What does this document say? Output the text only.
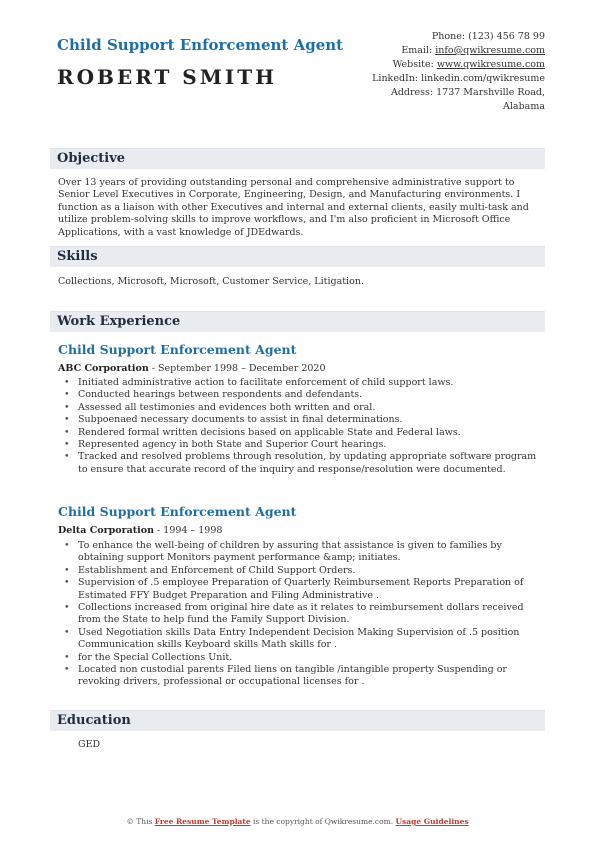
Child Support Enforcement Agent
ROBERT SMITH
Phone: (123) 456 78 99
Email: info@qwikresume.com
Website: www.qwikresume.com
LinkedIn: linkedin.com/qwikresume
Address: 1737 Marshville Road,
Alabama
Objective
Over 13 years of providing outstanding personal and comprehensive administrative support to Senior Level Executives in Corporate, Engineering, Design, and Manufacturing environments. I function as a liaison with other Executives and internal and external clients, easily multi-task and utilize problem-solving skills to improve workflows, and I'm also proficient in Microsoft Office Applications, with a vast knowledge of JDEdwards.
Skills
Collections, Microsoft, Microsoft, Customer Service, Litigation.
Work Experience
Child Support Enforcement Agent
ABC Corporation - September 1998 – December 2020
• Initiated administrative action to facilitate enforcement of child support laws.
• Conducted hearings between respondents and defendants.
• Assessed all testimonies and evidences both written and oral.
• Subpoenaed necessary documents to assist in final determinations.
• Rendered formal written decisions based on applicable State and Federal laws.
• Represented agency in both State and Superior Court hearings.
• Tracked and resolved problems through resolution, by updating appropriate software program to ensure that accurate record of the inquiry and response/resolution were documented.
Child Support Enforcement Agent
Delta Corporation - 1994 – 1998
• To enhance the well-being of children by assuring that assistance is given to families by obtaining support Monitors payment performance &amp; initiates.
• Establishment and Enforcement of Child Support Orders.
• Supervision of .5 employee Preparation of Quarterly Reimbursement Reports Preparation of Estimated FFY Budget Preparation and Filing Administrative .
• Collections increased from original hire date as it relates to reimbursement dollars received from the State to help fund the Family Support Division.
• Used Negotiation skills Data Entry Independent Decision Making Supervision of .5 position Communication skills Keyboard skills Math skills for .
• for the Special Collections Unit.
• Located non custodial parents Filed liens on tangible /intangible property Suspending or revoking drivers, professional or occupational licenses for .
Education
GED
© This Free Resume Template is the copyright of Qwikresume.com. Usage Guidelines
